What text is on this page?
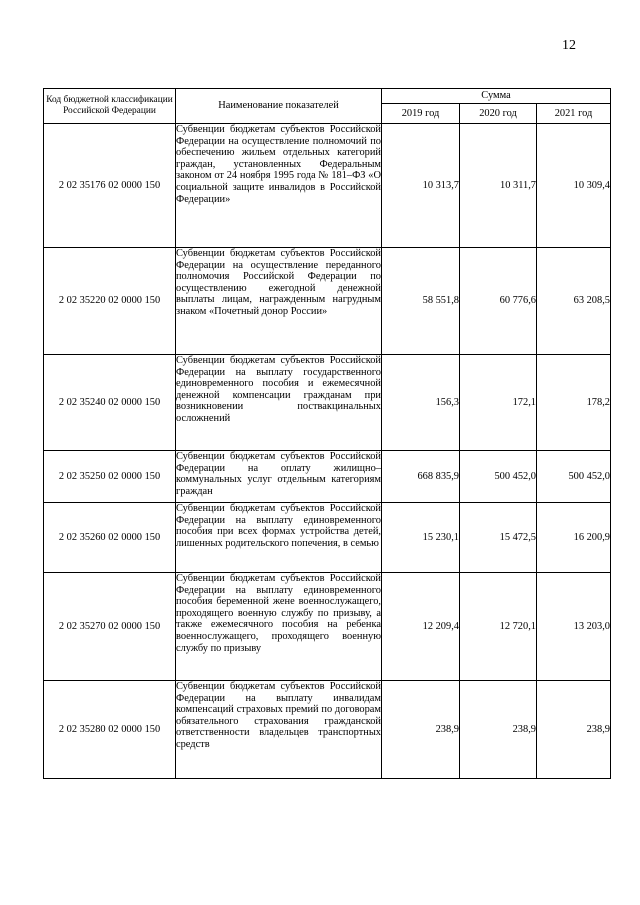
12
Код бюджетной классификации Российской Федерации	Наименование показателей	Сумма		
		2019 год	2020 год	2021 год
2 02 35176 02 0000 150	Субвенции бюджетам субъектов Российской Федерации на осуществление полномочий по обеспечению жильем отдельных категорий граждан, установленных Федеральным законом от 24 ноября 1995 года № 181–ФЗ «О социальной защите инвалидов в Российской Федерации»	10 313,7	10 311,7	10 309,4
2 02 35220 02 0000 150	Субвенции бюджетам субъектов Российской Федерации на осуществление переданного полномочия Российской Федерации по осуществлению ежегодной денежной выплаты лицам, награжденным нагрудным знаком «Почетный донор России»	58 551,8	60 776,6	63 208,5
2 02 35240 02 0000 150	Субвенции бюджетам субъектов Российской Федерации на выплату государственного единовременного пособия и ежемесячной денежной компенсации гражданам при возникновении поствакцинальных осложнений	156,3	172,1	178,2
2 02 35250 02 0000 150	Субвенции бюджетам субъектов Российской Федерации на оплату жилищно–коммунальных услуг отдельным категориям граждан	668 835,9	500 452,0	500 452,0
2 02 35260 02 0000 150	Субвенции бюджетам субъектов Российской Федерации на выплату единовременного пособия при всех формах устройства детей, лишенных родительского попечения, в семью	15 230,1	15 472,5	16 200,9
2 02 35270 02 0000 150	Субвенции бюджетам субъектов Российской Федерации на выплату единовременного пособия беременной жене военнослужащего, проходящего военную службу по призыву, а также ежемесячного пособия на ребенка военнослужащего, проходящего военную службу по призыву	12 209,4	12 720,1	13 203,0
2 02 35280 02 0000 150	Субвенции бюджетам субъектов Российской Федерации на выплату инвалидам компенсаций страховых премий по договорам обязательного страхования гражданской ответственности владельцев транспортных средств	238,9	238,9	238,9
